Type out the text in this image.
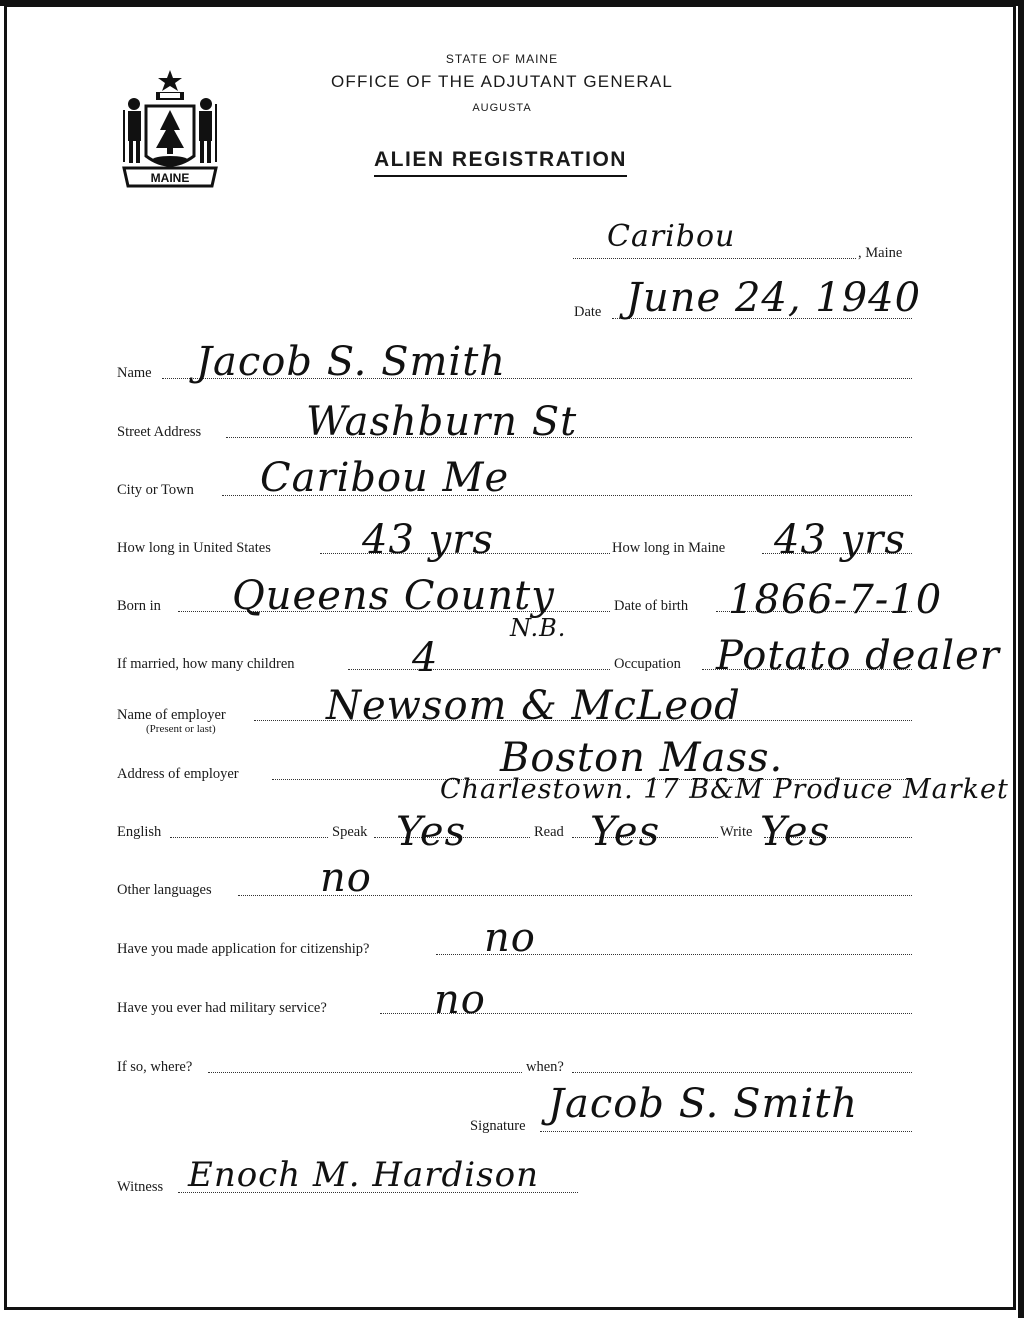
MAINE
STATE OF MAINE
OFFICE OF THE ADJUTANT GENERAL
AUGUSTA
ALIEN REGISTRATION
, Maine
Caribou
Date June 24, 1940
Name Jacob S. Smith
Street Address	Washburn St
City or Town Caribou Me
How long in United States 43 yrs	How long in Maine 43 yrs
Born in Queens County
N.B.
Date of birth 1866-7-10
If married, how many children	4	Occupation Potato dealer
Name of employer
(Present or last)	Newsom & McLeod
Address of employer	Boston Mass.
Charlestown. 17 B&M Produce Market
English	Speak Yes	Read Yes	Write Yes
Other languages	no
Have you made application for citizenship?	no
Have you ever had military service?	no
If so, where?	when?
Signature Jacob S. Smith
Witness Enoch M. Hardison
